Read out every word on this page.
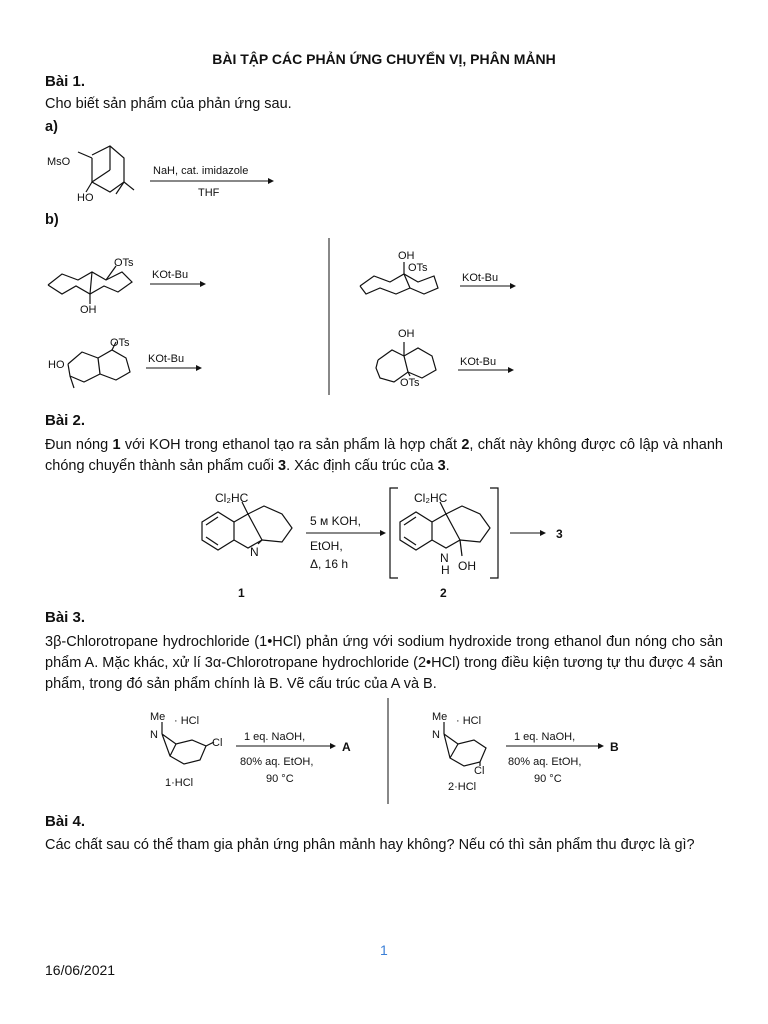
BÀI TẬP CÁC PHẢN ỨNG CHUYỂN VỊ, PHÂN MẢNH
Bài 1.
Cho biết sản phẩm của phản ứng sau.
a)
MsO
HO
NaH, cat. imidazole
THF
b)
OTs
OH
KOt-Bu
OH
OTs
KOt-Bu
OTs
HO	KOt-Bu
OH
OTs
KOt-Bu
Bài 2.
Đun nóng 1 với KOH trong ethanol tạo ra sản phẩm là hợp chất 2, chất này không được cô lập và nhanh chóng chuyển thành sản phẩm cuối 3. Xác định cấu trúc của 3.
Cl₂HC
N
1
5 м KOH,
EtOH,
Δ, 16 h
Cl₂HC
N
H OH
2
3
Bài 3.
3β-Chlorotropane hydrochloride (1•HCl) phản ứng với sodium hydroxide trong ethanol đun nóng cho sản phẩm A. Mặc khác, xử lí 3α-Chlorotropane hydrochloride (2•HCl) trong điều kiện tương tự thu được 4 sản phẩm, trong đó sản phẩm chính là B. Vẽ cấu trúc của A và B.
Me · HCl
N
Cl
1·HCl
1 eq. NaOH,
80% aq. EtOH,
90 °C
A
Me · HCl
N
Cl
2·HCl
1 eq. NaOH,
80% aq. EtOH,
90 °C
B
Bài 4.
Các chất sau có thể tham gia phản ứng phân mảnh hay không? Nếu có thì sản phẩm thu được là gì?
1
16/06/2021
